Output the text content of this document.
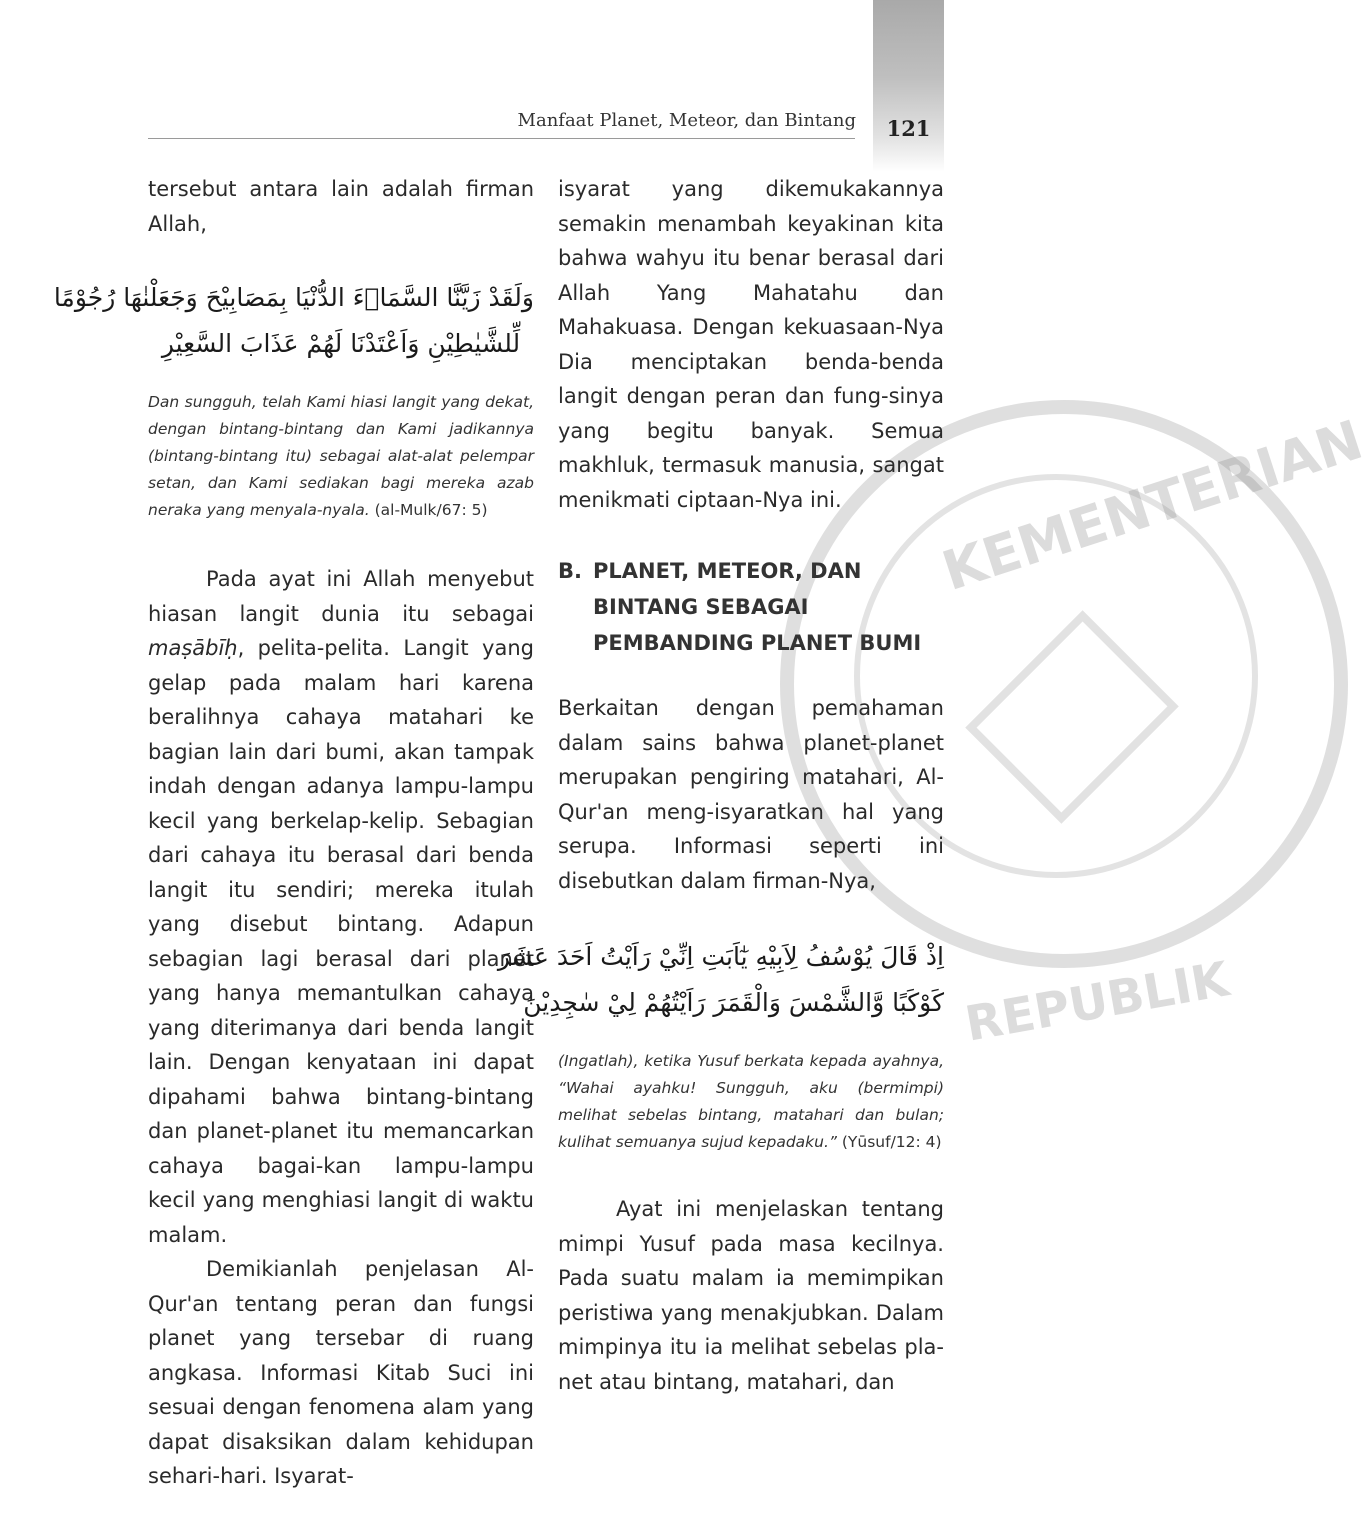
Manfaat Planet, Meteor, dan Bintang	121
KEMENTERIAN
REPUBLIK

tersebut antara lain adalah firman Allah,

وَلَقَدْ زَيَّنَّا السَّمَاۤءَ الدُّنْيَا بِمَصَابِيْحَ وَجَعَلْنٰهَا رُجُوْمًا
لِّلشَّيٰطِيْنِ وَاَعْتَدْنَا لَهُمْ عَذَابَ السَّعِيْرِ

Dan sungguh, telah Kami hiasi langit yang dekat, dengan bintang-bintang dan Kami jadikannya (bintang-bintang itu) sebagai alat-alat pelempar setan, dan Kami sediakan bagi mereka azab neraka yang menyala-nyala. (al-Mulk/67: 5)

Pada ayat ini Allah menyebut hiasan langit dunia itu sebagai maṣābīḥ, pelita-pelita. Langit yang gelap pada malam hari karena beralihnya cahaya matahari ke bagian lain dari bumi, akan tampak indah dengan adanya lampu-lampu kecil yang berkelap-kelip. Sebagian dari cahaya itu berasal dari benda langit itu sendiri; mereka itulah yang disebut bintang. Adapun sebagian lagi berasal dari planet yang hanya memantulkan cahaya yang diterimanya dari benda langit lain. Dengan kenyataan ini dapat dipahami bahwa bintang-bintang dan planet-planet itu memancarkan cahaya bagai-kan lampu-lampu kecil yang menghiasi langit di waktu malam.

Demikianlah penjelasan Al-Qur'an tentang peran dan fungsi planet yang tersebar di ruang angkasa. Informasi Kitab Suci ini sesuai dengan fenomena alam yang dapat disaksikan dalam kehidupan sehari-hari. Isyarat-

isyarat yang dikemukakannya semakin menambah keyakinan kita bahwa wahyu itu benar berasal dari Allah Yang Mahatahu dan Mahakuasa. Dengan kekuasaan-Nya Dia menciptakan benda-benda langit dengan peran dan fung-sinya yang begitu banyak. Semua makhluk, termasuk manusia, sangat menikmati ciptaan-Nya ini.

B. PLANET, METEOR, DAN BINTANG SEBAGAI PEMBANDING PLANET BUMI

Berkaitan dengan pemahaman dalam sains bahwa planet-planet merupakan pengiring matahari, Al-Qur'an meng-isyaratkan hal yang serupa. Informasi seperti ini disebutkan dalam firman-Nya,

اِذْ قَالَ يُوْسُفُ لِاَبِيْهِ يٰٓاَبَتِ اِنِّيْ رَاَيْتُ اَحَدَ عَشَرَ
كَوْكَبًا وَّالشَّمْسَ وَالْقَمَرَ رَاَيْتُهُمْ لِيْ سٰجِدِيْنَ

(Ingatlah), ketika Yusuf berkata kepada ayahnya, “Wahai ayahku! Sungguh, aku (bermimpi) melihat sebelas bintang, matahari dan bulan; kulihat semuanya sujud kepadaku.” (Yūsuf/12: 4)

Ayat ini menjelaskan tentang mimpi Yusuf pada masa kecilnya. Pada suatu malam ia memimpikan peristiwa yang menakjubkan. Dalam mimpinya itu ia melihat sebelas pla-net atau bintang, matahari, dan
